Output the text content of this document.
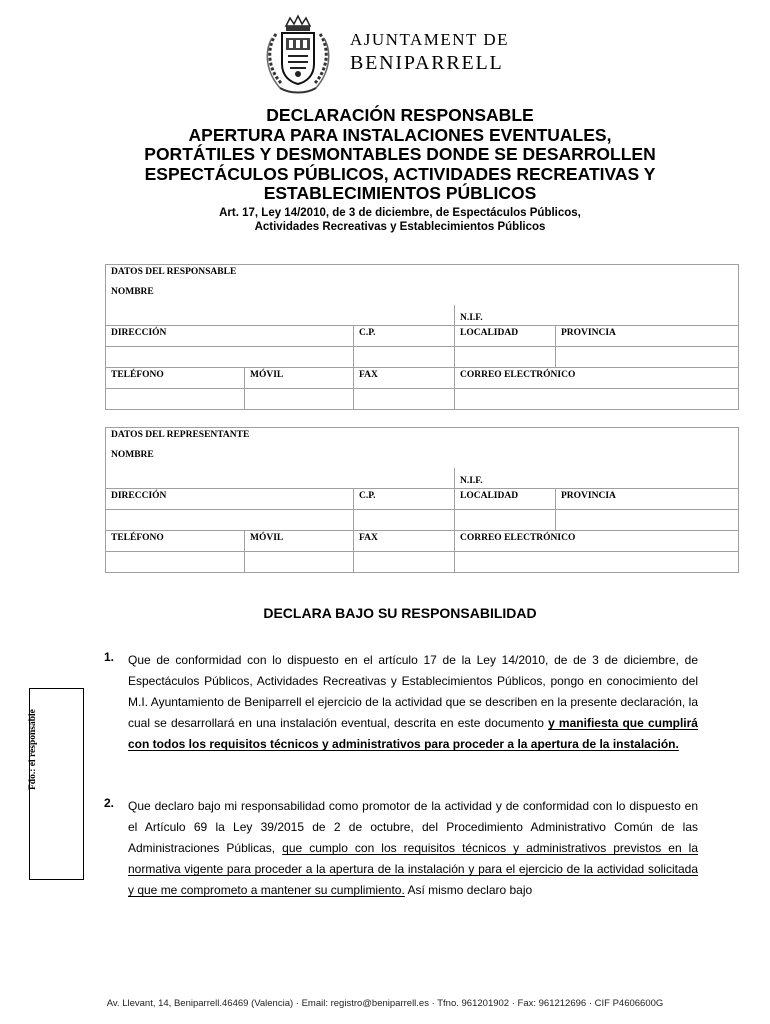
AJUNTAMENT DE
BENIPARRELL
DECLARACIÓN RESPONSABLE
APERTURA PARA INSTALACIONES EVENTUALES,
PORTÁTILES Y DESMONTABLES DONDE SE DESARROLLEN
ESPECTÁCULOS PÚBLICOS, ACTIVIDADES RECREATIVAS Y
ESTABLECIMIENTOS PÚBLICOS
Art. 17, Ley 14/2010, de 3 de diciembre, de Espectáculos Públicos,
Actividades Recreativas y Establecimientos Públicos
DATOS DEL RESPONSABLE				
NOMBRE				
			N.I.F.	
DIRECCIÓN		C.P.	LOCALIDAD	PROVINCIA

TELÉFONO	MÓVIL	FAX	CORREO ELECTRÓNICO	

DATOS DEL REPRESENTANTE				
NOMBRE				
			N.I.F.	
DIRECCIÓN		C.P.	LOCALIDAD	PROVINCIA

TELÉFONO	MÓVIL	FAX	CORREO ELECTRÓNICO	

DECLARA BAJO SU RESPONSABILIDAD
1. Que de conformidad con lo dispuesto en el artículo 17 de la Ley 14/2010, de de 3 de diciembre, de Espectáculos Públicos, Actividades Recreativas y Establecimientos Públicos, pongo en conocimiento del M.I. Ayuntamiento de Beniparrell el ejercicio de la actividad que se describen en la presente declaración, la cual se desarrollará en una instalación eventual, descrita en este documento y manifiesta que cumplirá con todos los requisitos técnicos y administrativos para proceder a la apertura de la instalación.
2. Que declaro bajo mi responsabilidad como promotor de la actividad y de conformidad con lo dispuesto en el Artículo 69 la Ley 39/2015 de 2 de octubre, del Procedimiento Administrativo Común de las Administraciones Públicas, que cumplo con los requisitos técnicos y administrativos previstos en la normativa vigente para proceder a la apertura de la instalación y para el ejercicio de la actividad solicitada y que me comprometo a mantener su cumplimiento. Así mismo declaro bajo
Fdo.: el responsable
Av. Llevant, 14, Beniparrell.46469 (Valencia) · Email: registro@beniparrell.es · Tfno. 961201902 · Fax: 961212696 · CIF P4606600G
